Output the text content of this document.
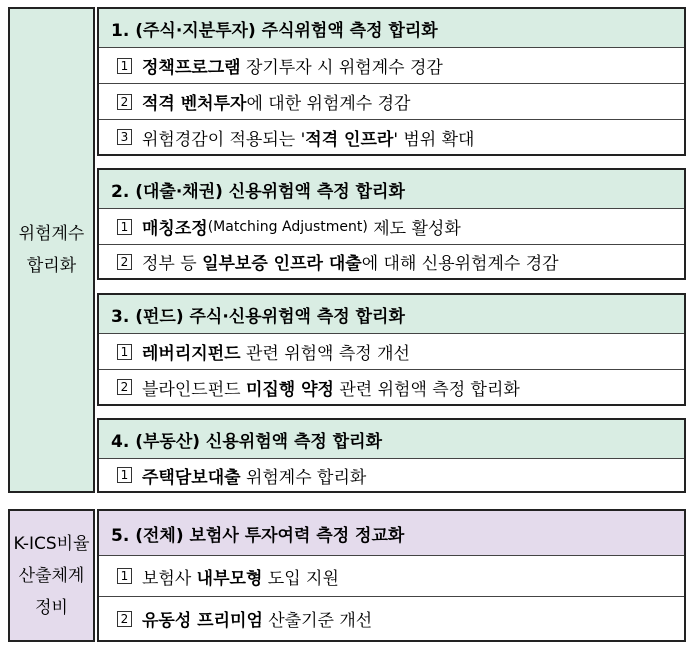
위험계수
합리화
K-ICS비율
산출체계
정비
1. (주식·지분투자) 주식위험액 측정 합리화
1 정책프로그램 장기투자 시 위험계수 경감
2 적격 벤처투자 에 대한 위험계수 경감
3 위험경감이 적용되는 ' 적격 인프라 ' 범위 확대
2. (대출·채권) 신용위험액 측정 합리화
1 매칭조정 (Matching Adjustment) 제도 활성화
2 정부 등 일부보증 인프라 대출 에 대해 신용위험계수 경감
3. (펀드) 주식·신용위험액 측정 합리화
1 레버리지펀드 관련 위험액 측정 개선
2 블라인드펀드 미집행 약정 관련 위험액 측정 합리화
4. (부동산) 신용위험액 측정 합리화
1 주택담보대출 위험계수 합리화
5. (전체) 보험사 투자여력 측정 정교화
1 보험사 내부모형 도입 지원
2 유동성 프리미엄 산출기준 개선
